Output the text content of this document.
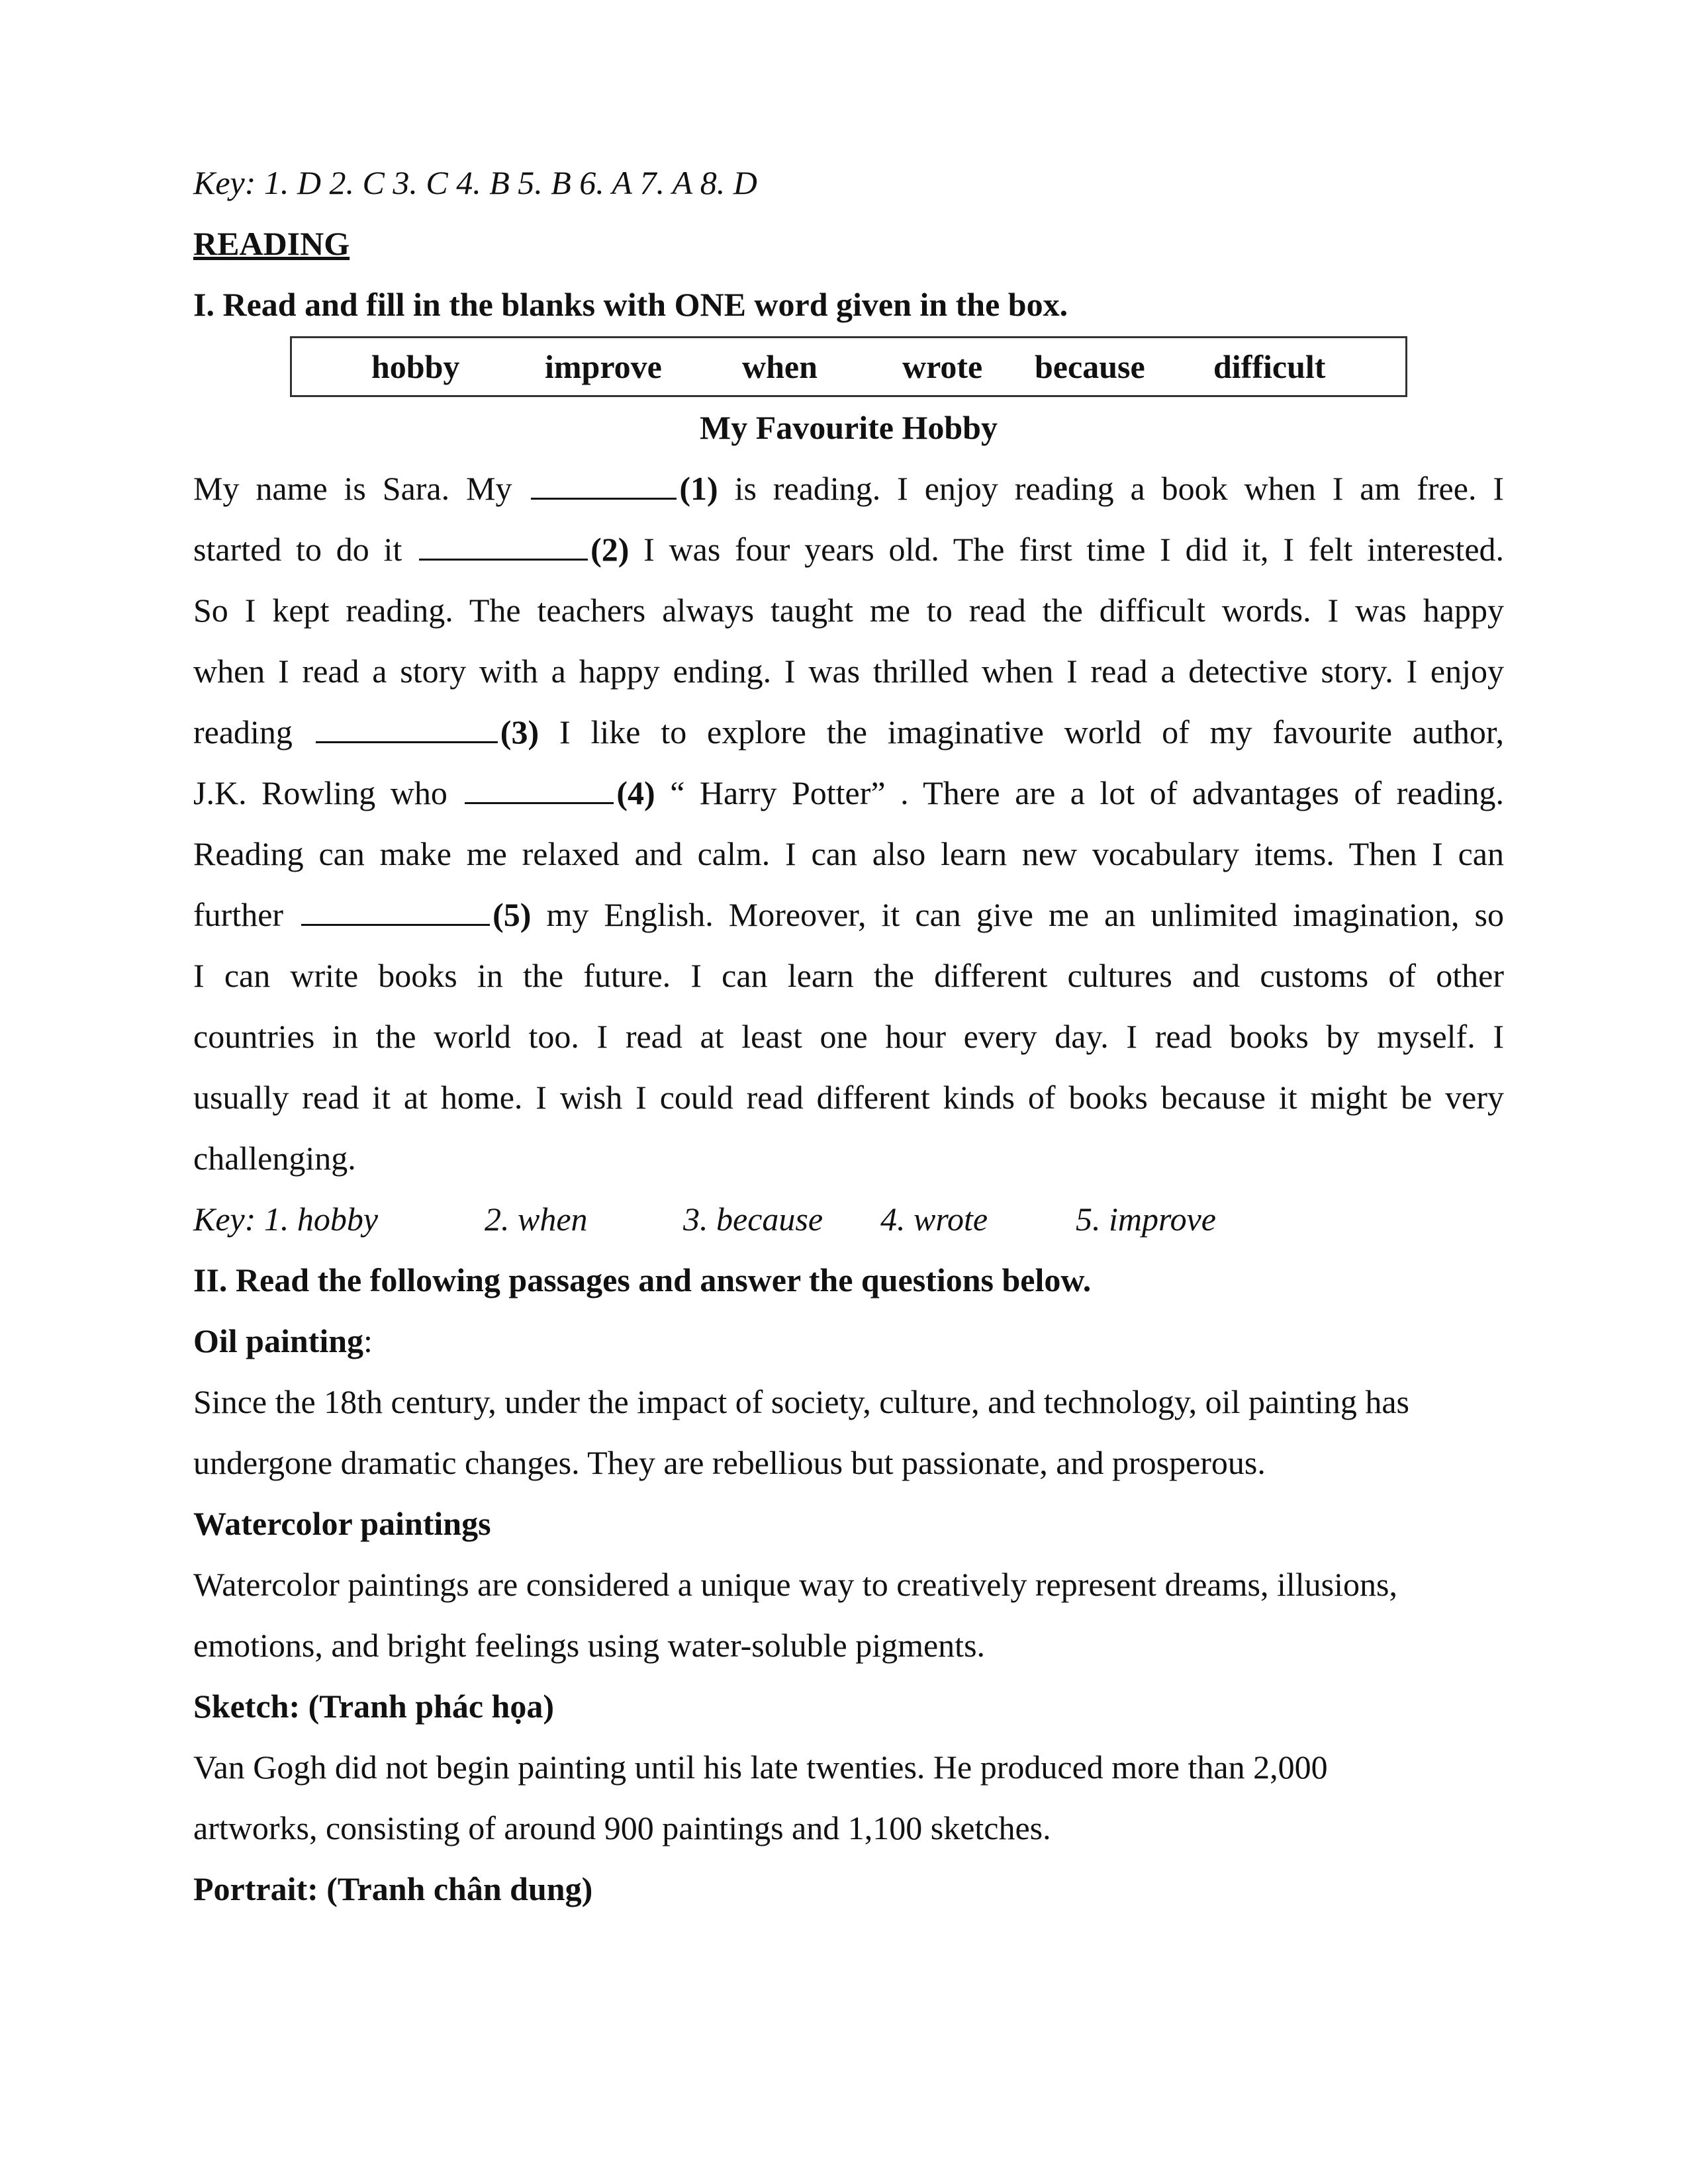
Key: 1. D 2. C 3. C 4. B 5. B 6. A 7. A 8. D
READING
I. Read and fill in the blanks with ONE word given in the box.
hobby	improve	when	wrote	because	difficult
My Favourite Hobby
My name is Sara. My	(1) is reading. I enjoy reading a book when I am free. I
started to do it	(2) I was four years old. The first time I did it, I felt interested.
So I kept reading. The teachers always taught me to read the difficult words. I was happy
when I read a story with a happy ending. I was thrilled when I read a detective story. I enjoy
reading	(3) I like to explore the imaginative world of my favourite author,
J.K. Rowling who	(4) “ Harry Potter” . There are a lot of advantages of reading.
Reading can make me relaxed and calm. I can also learn new vocabulary items. Then I can
further	(5) my English. Moreover, it can give me an unlimited imagination, so
I can write books in the future. I can learn the different cultures and customs of other
countries in the world too. I read at least one hour every day. I read books by myself. I
usually read it at home. I wish I could read different kinds of books because it might be very
challenging.
Key: 1. hobby	2. when	3. because 4. wrote	5. improve
II. Read the following passages and answer the questions below.
Oil painting:
Since the 18th century, under the impact of society, culture, and technology, oil painting has
undergone dramatic changes. They are rebellious but passionate, and prosperous.
Watercolor paintings
Watercolor paintings are considered a unique way to creatively represent dreams, illusions,
emotions, and bright feelings using water-soluble pigments.
Sketch: (Tranh phác họa)
Van Gogh did not begin painting until his late twenties. He produced more than 2,000
artworks, consisting of around 900 paintings and 1,100 sketches.
Portrait: (Tranh chân dung)
